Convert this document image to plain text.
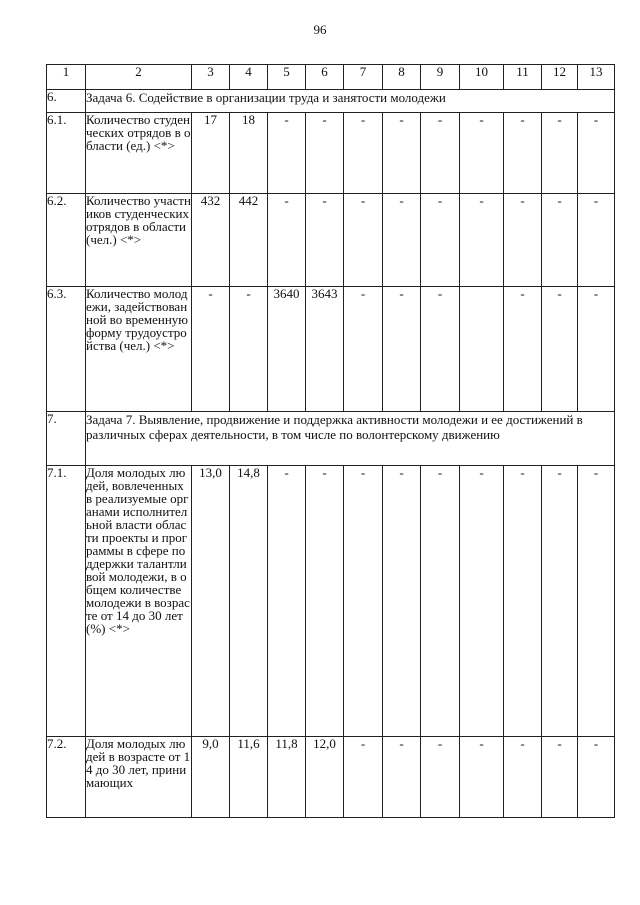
96
1	2	3	4	5	6	7	8	9	10	11	12	13
6.	Задача 6. Содействие в организации труда и занятости молодежи											
6.1.	Количество студенческих отрядов в области (ед.) <*>	17	18	-	-	-	-	-	-	-	-	-
6.2.	Количество участников студенческих отрядов в области (чел.) <*>	432	442	-	-	-	-	-	-	-	-	-
6.3.	Количество молодежи, задействованной во временную форму трудоустройства (чел.) <*>	-	-	3640	3643	-	-	-		-	-	-
7.	Задача 7. Выявление, продвижение и поддержка активности молодежи и ее достижений в различных сферах деятельности, в том числе по волонтерскому движению											
7.1.	Доля молодых людей, вовлеченных в реализуемые органами исполнительной власти области проекты и программы в сфере поддержки талантливой молодежи, в общем количестве молодежи в возрасте от 14 до 30 лет (%) <*>	13,0	14,8	-	-	-	-	-	-	-	-	-
7.2.	Доля молодых людей в возрасте от 14 до 30 лет, принимающих	9,0	11,6	11,8	12,0	-	-	-	-	-	-	-
